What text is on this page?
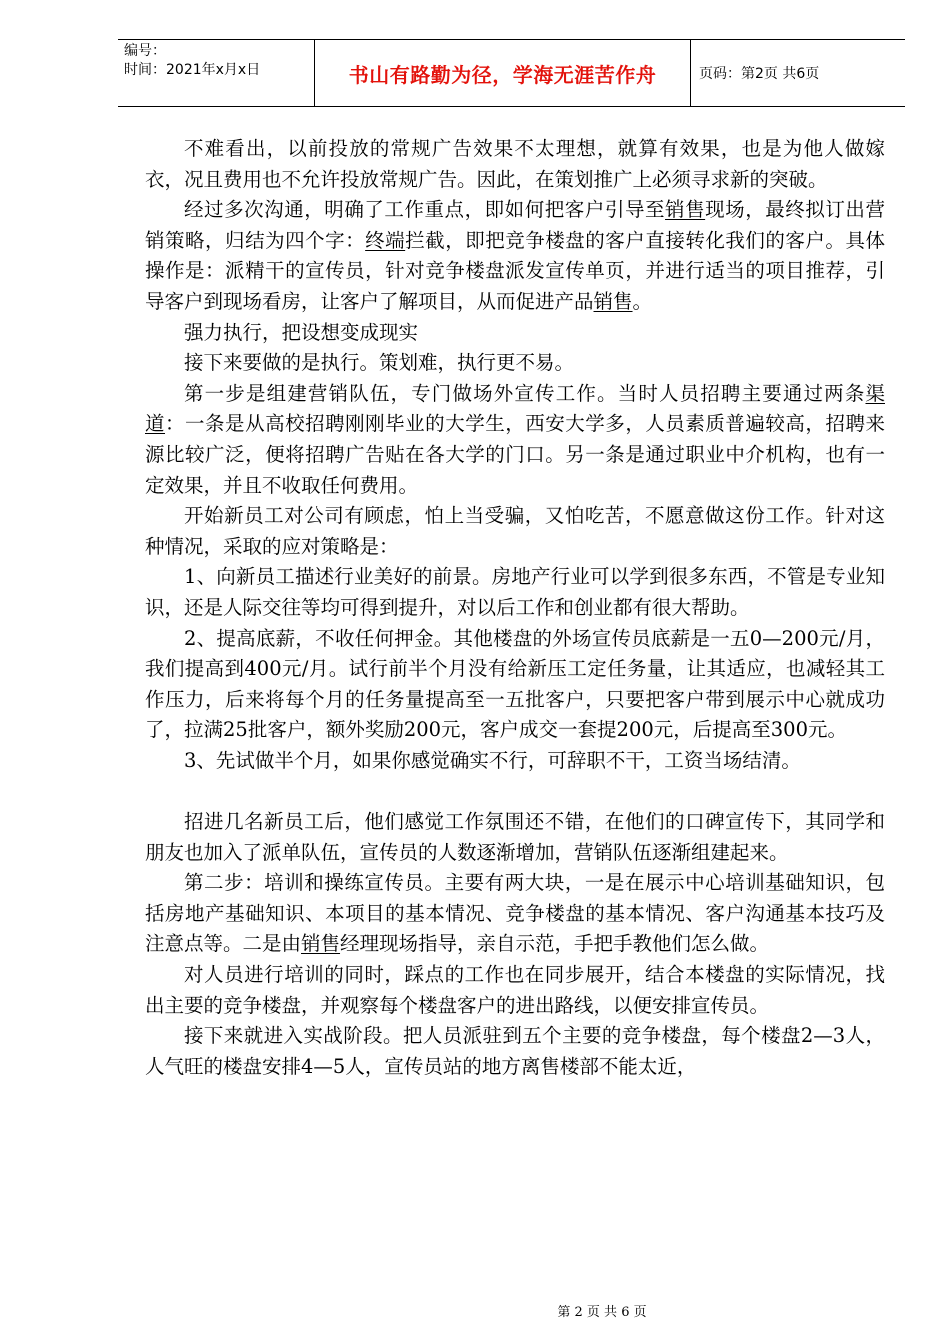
编号：
时间：2021年x月x日	书山有路勤为径，学海无涯苦作舟	页码：第2页 共6页

不难看出，以前投放的常规广告效果不太理想，就算有效果，也是为他人做嫁衣，况且费用也不允许投放常规广告。因此，在策划推广上必须寻求新的突破。

经过多次沟通，明确了工作重点，即如何把客户引导至销售现场，最终拟订出营销策略，归结为四个字：终端拦截，即把竞争楼盘的客户直接转化我们的客户。具体操作是：派精干的宣传员，针对竞争楼盘派发宣传单页，并进行适当的项目推荐，引导客户到现场看房，让客户了解项目，从而促进产品销售。

强力执行，把设想变成现实

接下来要做的是执行。策划难，执行更不易。

第一步是组建营销队伍，专门做场外宣传工作。当时人员招聘主要通过两条渠道：一条是从高校招聘刚刚毕业的大学生，西安大学多，人员素质普遍较高，招聘来源比较广泛，便将招聘广告贴在各大学的门口。另一条是通过职业中介机构，也有一定效果，并且不收取任何费用。

开始新员工对公司有顾虑，怕上当受骗，又怕吃苦，不愿意做这份工作。针对这种情况，采取的应对策略是：

1、向新员工描述行业美好的前景。房地产行业可以学到很多东西，不管是专业知识，还是人际交往等均可得到提升，对以后工作和创业都有很大帮助。

2、提高底薪，不收任何押金。其他楼盘的外场宣传员底薪是一五0—200元/月，我们提高到400元/月。试行前半个月没有给新压工定任务量，让其适应，也减轻其工作压力，后来将每个月的任务量提高至一五批客户，只要把客户带到展示中心就成功了，拉满25批客户，额外奖励200元，客户成交一套提200元，后提高至300元。

3、先试做半个月，如果你感觉确实不行，可辞职不干，工资当场结清。

招进几名新员工后，他们感觉工作氛围还不错，在他们的口碑宣传下，其同学和朋友也加入了派单队伍，宣传员的人数逐渐增加，营销队伍逐渐组建起来。

第二步：培训和操练宣传员。主要有两大块，一是在展示中心培训基础知识，包括房地产基础知识、本项目的基本情况、竞争楼盘的基本情况、客户沟通基本技巧及注意点等。二是由销售经理现场指导，亲自示范，手把手教他们怎么做。

对人员进行培训的同时，踩点的工作也在同步展开，结合本楼盘的实际情况，找出主要的竞争楼盘，并观察每个楼盘客户的进出路线，以便安排宣传员。

接下来就进入实战阶段。把人员派驻到五个主要的竞争楼盘，每个楼盘2—3人，人气旺的楼盘安排4—5人，宣传员站的地方离售楼部不能太近，

第 2 页 共 6 页
